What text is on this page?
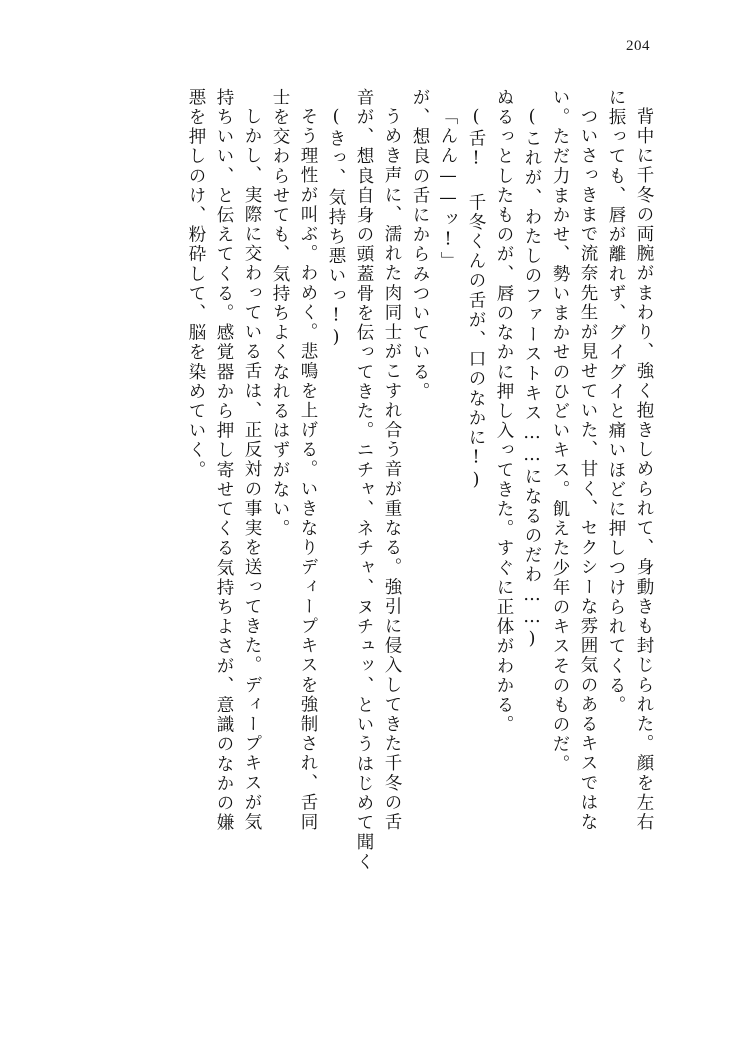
204
背中に千冬の両腕がまわり、強く抱きしめられて、身動きも封じられた。顔を左右
に振っても、唇が離れず、グイグイと痛いほどに押しつけられてくる。
ついさっきまで流奈先生が見せていた、甘く、セクシーな雰囲気のあるキスではな
い。ただ力まかせ、勢いまかせのひどいキス。飢えた少年のキスそのものだ。
(これが、わたしのファーストキス……になるのだわ……)
ぬるっとしたものが、唇のなかに押し入ってきた。すぐに正体がわかる。
(舌! 千冬くんの舌が、口のなかに!)
「んん——ッ!」
が、想良の舌にからみついている。
うめき声に、濡れた肉同士がこすれ合う音が重なる。強引に侵入してきた千冬の舌
音が、想良自身の頭蓋骨を伝ってきた。ニチャ、ネチャ、ヌチュッ、というはじめて聞く
(きっ、気持ち悪いっ!)
そう理性が叫ぶ。わめく。悲鳴を上げる。いきなりディープキスを強制され、舌同
士を交わらせても、気持ちよくなれるはずがない。
しかし、実際に交わっている舌は、正反対の事実を送ってきた。ディープキスが気
持ちいい、と伝えてくる。感覚器から押し寄せてくる気持ちよさが、意識のなかの嫌
悪を押しのけ、粉砕して、脳を染めていく。
